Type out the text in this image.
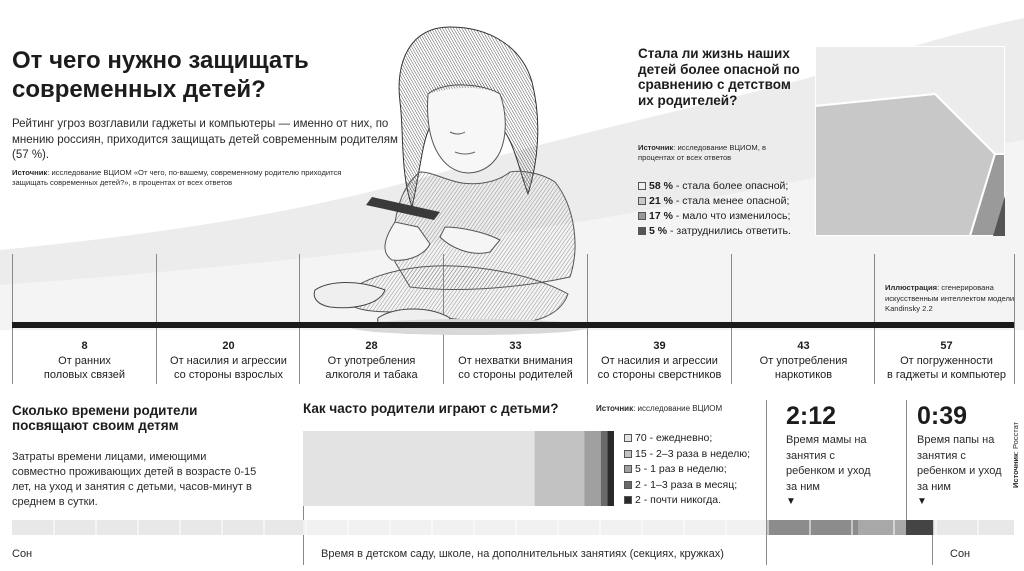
От чего нужно защищать современных детей?
Рейтинг угроз возглавили гаджеты и компьютеры — именно от них, по мнению россиян, приходится защищать детей современным родителям (57 %).
Источник: исследование ВЦИОМ «От чего, по-вашему, современному родителю приходится защищать современных детей?», в процентах от всех ответов
Стала ли жизнь наших детей более опасной по сравнению с детством их родителей?
Источник: исследование ВЦИОМ, в процентах от всех ответов
58 % - стала более опасной;
21 % - стала менее опасной;
17 % - мало что изменилось;
5 % - затруднились ответить.
Иллюстрация: сгенерирована искусственным интеллектом модели Kandinsky 2.2
8
От ранних
половых связей
20
От насилия и агрессии
со стороны взрослых
28
От употребления
алкоголя и табака
33
От нехватки внимания
со стороны родителей
39
От насилия и агрессии
со стороны сверстников
43
От употребления
наркотиков
57
От погруженности
в гаджеты и компьютер
Сколько времени родители посвящают своим детям
Затраты времени лицами, имеющими совместно проживающих детей в возрасте 0-15 лет, на уход и занятия с детьми, часов-минут в среднем в сутки.
Как часто родители играют с детьми?	Источник: исследование ВЦИОМ
70 - ежедневно;
15 - 2–3 раза в неделю;
5 - 1 раз в неделю;
2 - 1–3 раза в месяц;
2 - почти никогда.
2:12
Время мамы на занятия с ребенком и уход за ним
▼
0:39
Время папы на занятия с ребенком и уход за ним
▼
Источник: Росстат
Сон	Время в детском саду, школе, на дополнительных занятиях (секциях, кружках)	Сон
